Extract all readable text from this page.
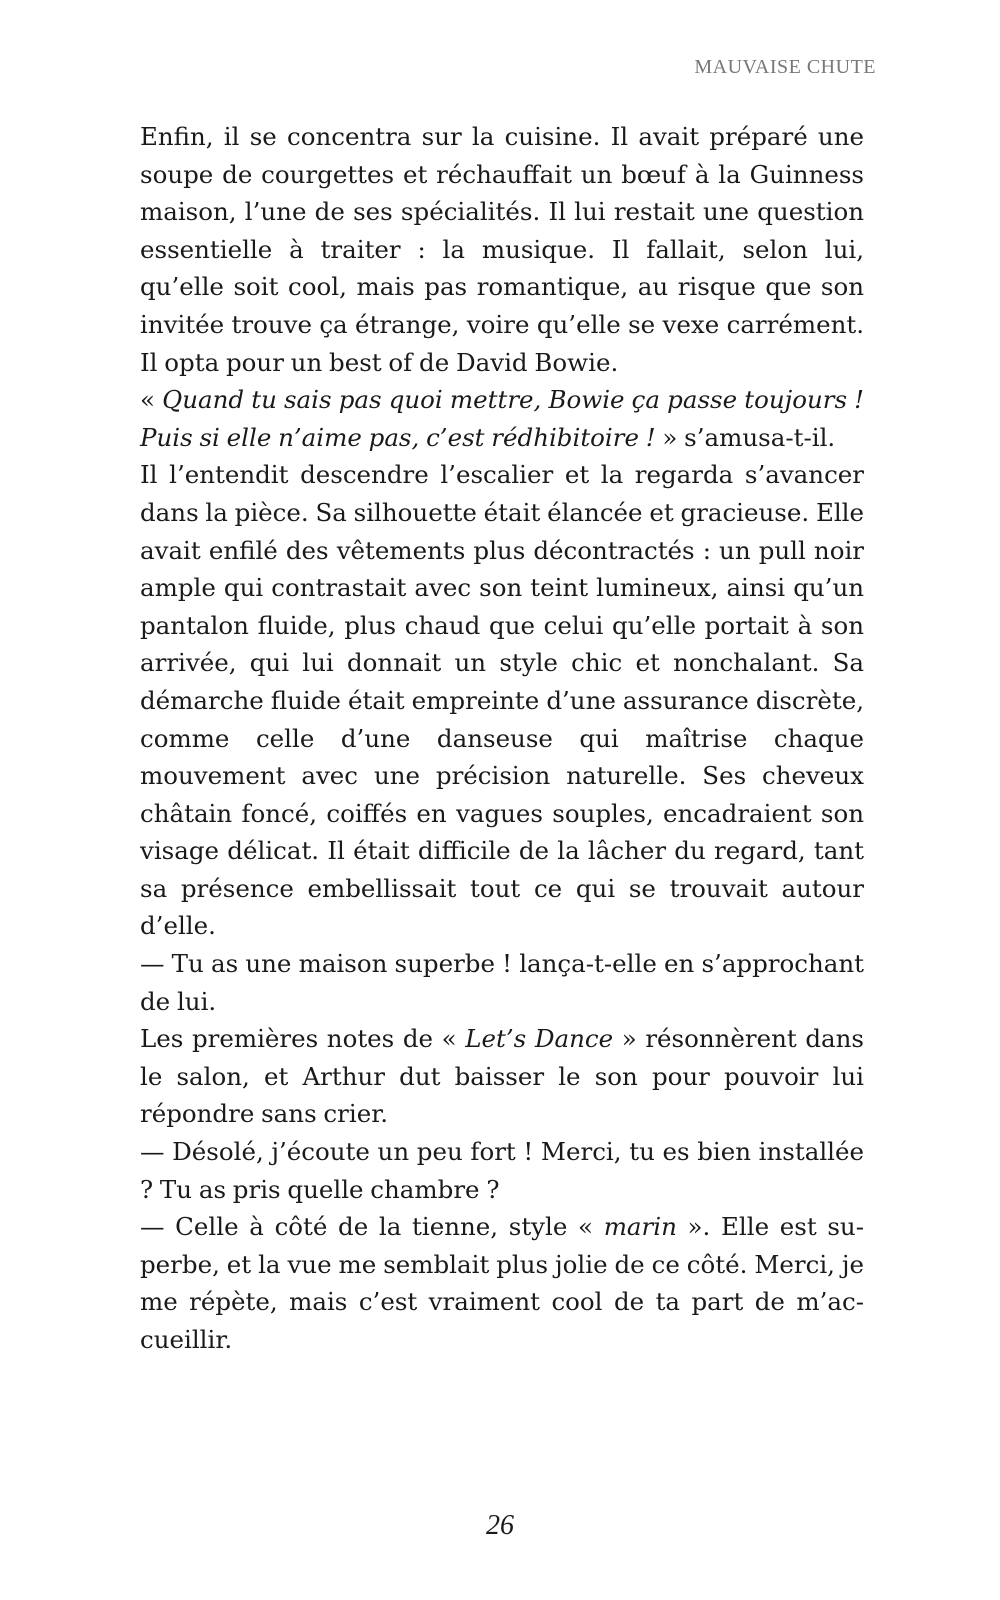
MAUVAISE CHUTE

Enfin, il se concentra sur la cuisine. Il avait préparé une soupe de courgettes et réchauffait un bœuf à la Guinness maison, l’une de ses spécialités. Il lui restait une question essentielle à traiter : la musique. Il fallait, selon lui, qu’elle soit cool, mais pas romantique, au risque que son invitée trouve ça étrange, voire qu’elle se vexe carrément. Il opta pour un best of de David Bowie.

« Quand tu sais pas quoi mettre, Bowie ça passe toujours ! Puis si elle n’aime pas, c’est rédhibitoire ! » s’amusa-t-il.

Il l’entendit descendre l’escalier et la regarda s’avancer dans la pièce. Sa silhouette était élancée et gracieuse. Elle avait enfilé des vêtements plus décontractés : un pull noir ample qui contrastait avec son teint lumineux, ainsi qu’un pantalon fluide, plus chaud que celui qu’elle portait à son arrivée, qui lui donnait un style chic et nonchalant. Sa démarche fluide était empreinte d’une assurance discrète, comme celle d’une danseuse qui maîtrise chaque mouvement avec une précision naturelle. Ses cheveux châtain foncé, coiffés en vagues souples, encadraient son visage délicat. Il était difficile de la lâcher du regard, tant sa présence embellissait tout ce qui se trouvait autour d’elle.

— Tu as une maison superbe ! lança-t-elle en s’approchant de lui.

Les premières notes de « Let’s Dance » résonnèrent dans le salon, et Arthur dut baisser le son pour pouvoir lui répondre sans crier.

— Désolé, j’écoute un peu fort ! Merci, tu es bien installée ? Tu as pris quelle chambre ?

— Celle à côté de la tienne, style « marin ». Elle est superbe, et la vue me semblait plus jolie de ce côté. Merci, je me répète, mais c’est vraiment cool de ta part de m’accueillir.

26
